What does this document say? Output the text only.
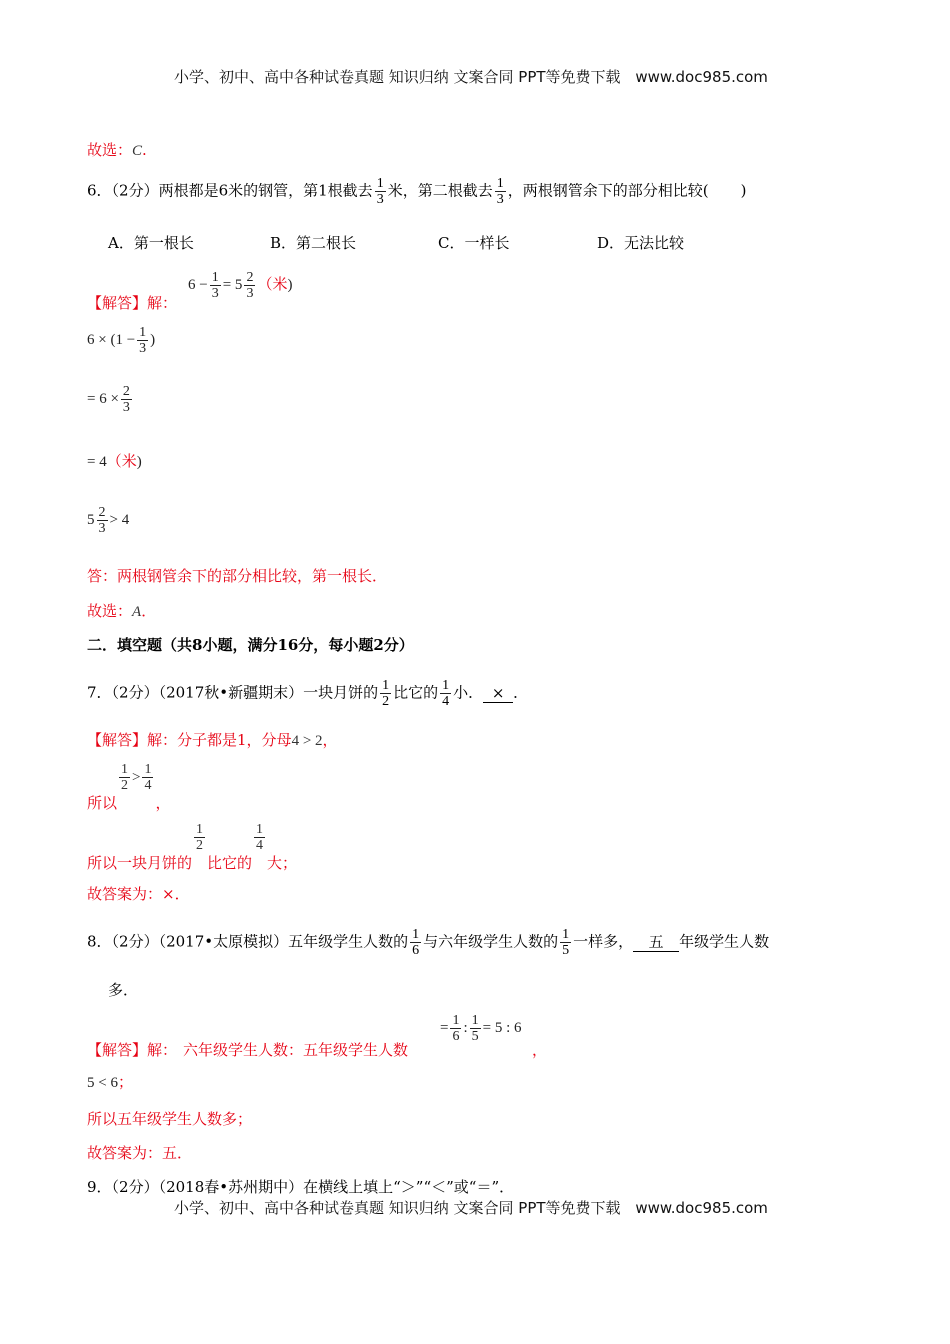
小学、初中、高中各种试卷真题 知识归纳 文案合同 PPT等免费下载 www.doc985.com
故选：C.
6．（2分）两根都是6米的钢管，第1根截去 $\frac{1}{3}$ 米，第二根截去 $\frac{1}{3}$ ，两根钢管余下的部分相比较( )
A．第一根长	B．第二根长	C．一样长	D．无法比较
【解答】解：
$6 - \frac{1}{3} = 5 \frac{2}{3}$ （米)
$6 \times (1 - \frac{1}{3}$ )
= $6 \times \frac{2}{3}$
= 4（米)
$5 \frac{2}{3} > 4$
答：两根钢管余下的部分相比较，第一根长．
故选：A．
二．填空题（共8小题，满分16分，每小题2分）
7．（2分）（2017秋•新疆期末）一块月饼的 $\frac{1}{2}$ 比它的 $\frac{1}{4}$ 小． × ．
【解答】解：分子都是1，分母4 > 2，
所以
$\frac{1}{2} > \frac{1}{4}$
，
所以一块月饼的
$\frac{1}{2}$
比它的
$\frac{1}{4}$
大；
故答案为：×．
8．（2分）（2017•太原模拟）五年级学生人数的 $\frac{1}{6}$ 与六年级学生人数的 $\frac{1}{5}$ 一样多， 五 年级学生人数
多．
【解答】解： 六年级学生人数：五年级学生人数
= $\frac{1}{6}$ : $\frac{1}{5} = 5$ : 6
，
5 < 6；
所以五年级学生人数多；
故答案为：五．
9．（2分）（2018春•苏州期中）在横线上填上“＞”“＜”或“＝”．
小学、初中、高中各种试卷真题 知识归纳 文案合同 PPT等免费下载 www.doc985.com
